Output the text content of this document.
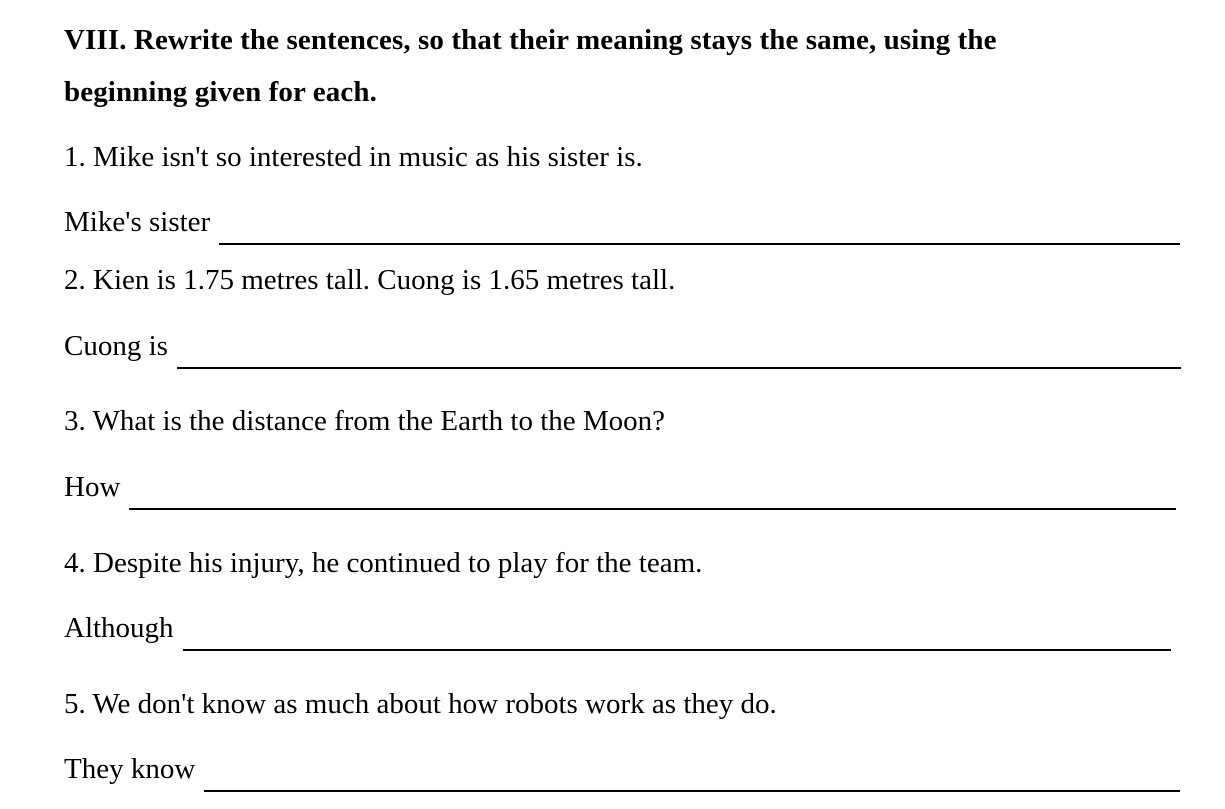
VIII. Rewrite the sentences, so that their meaning stays the same, using the
beginning given for each.
1. Mike isn't so interested in music as his sister is.
Mike's sister
2. Kien is 1.75 metres tall. Cuong is 1.65 metres tall.
Cuong is
3. What is the distance from the Earth to the Moon?
How
4. Despite his injury, he continued to play for the team.
Although
5. We don't know as much about how robots work as they do.
They know
